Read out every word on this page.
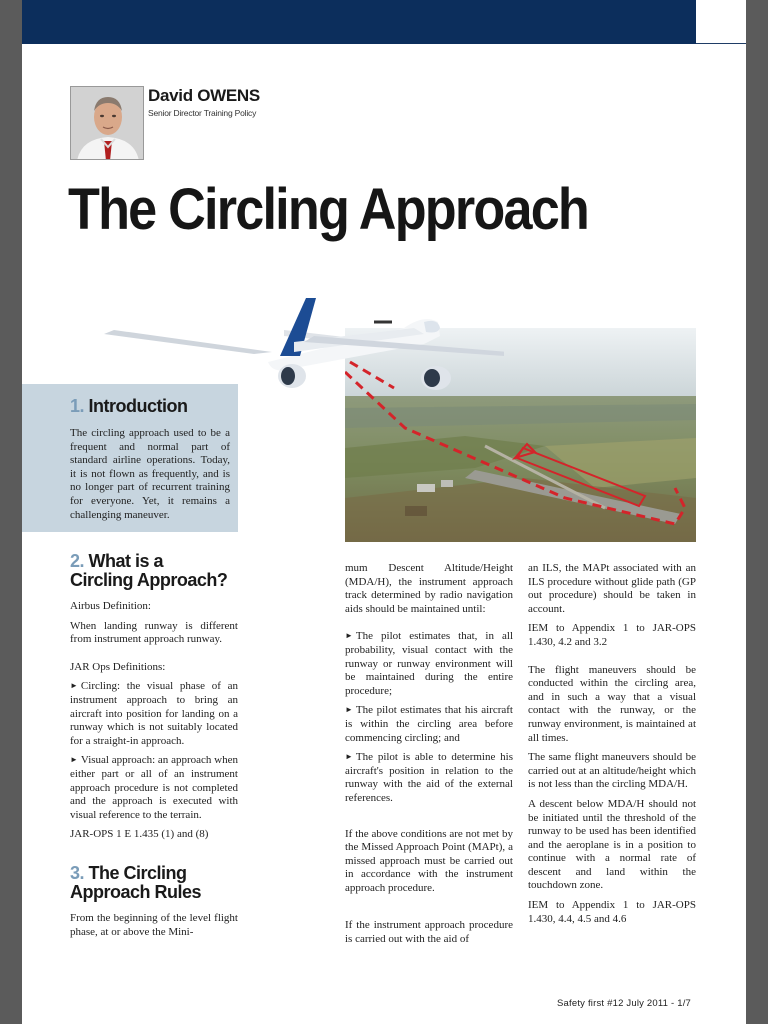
David OWENS
Senior Director Training Policy
The Circling Approach
1. Introduction

The circling approach used to be a frequent and normal part of standard airline operations. Today, it is not flown as frequently, and is no longer part of recurrent training for everyone. Yet, it remains a challenging maneuver.

2. What is a
Circling Approach?

Airbus Definition:

When landing runway is different from instrument approach runway.

JAR Ops Definitions:

► Circling: the visual phase of an instrument approach to bring an aircraft into position for landing on a runway which is not suitably located for a straight-in approach.

► Visual approach: an approach when either part or all of an instrument approach procedure is not completed and the approach is executed with visual reference to the terrain.

JAR-OPS 1 E 1.435 (1) and (8)

3. The Circling
Approach Rules

From the beginning of the level flight phase, at or above the Mini-

mum Descent Altitude/Height (MDA/H), the instrument approach track determined by radio navigation aids should be maintained until:

► The pilot estimates that, in all probability, visual contact with the runway or runway environment will be maintained during the entire procedure;

► The pilot estimates that his aircraft is within the circling area before commencing circling; and

► The pilot is able to determine his aircraft's position in relation to the runway with the aid of the external references.

If the above conditions are not met by the Missed Approach Point (MAPt), a missed approach must be carried out in accordance with the instrument approach procedure.

If the instrument approach procedure is carried out with the aid of

an ILS, the MAPt associated with an ILS procedure without glide path (GP out procedure) should be taken in account.

IEM to Appendix 1 to JAR-OPS 1.430, 4.2 and 3.2

The flight maneuvers should be conducted within the circling area, and in such a way that a visual contact with the runway, or the runway environment, is maintained at all times.

The same flight maneuvers should be carried out at an altitude/height which is not less than the circling MDA/H.

A descent below MDA/H should not be initiated until the threshold of the runway to be used has been identified and the aeroplane is in a position to continue with a normal rate of descent and land within the touchdown zone.

IEM to Appendix 1 to JAR-OPS 1.430, 4.4, 4.5 and 4.6

Safety first #12 July 2011 - 1/7
